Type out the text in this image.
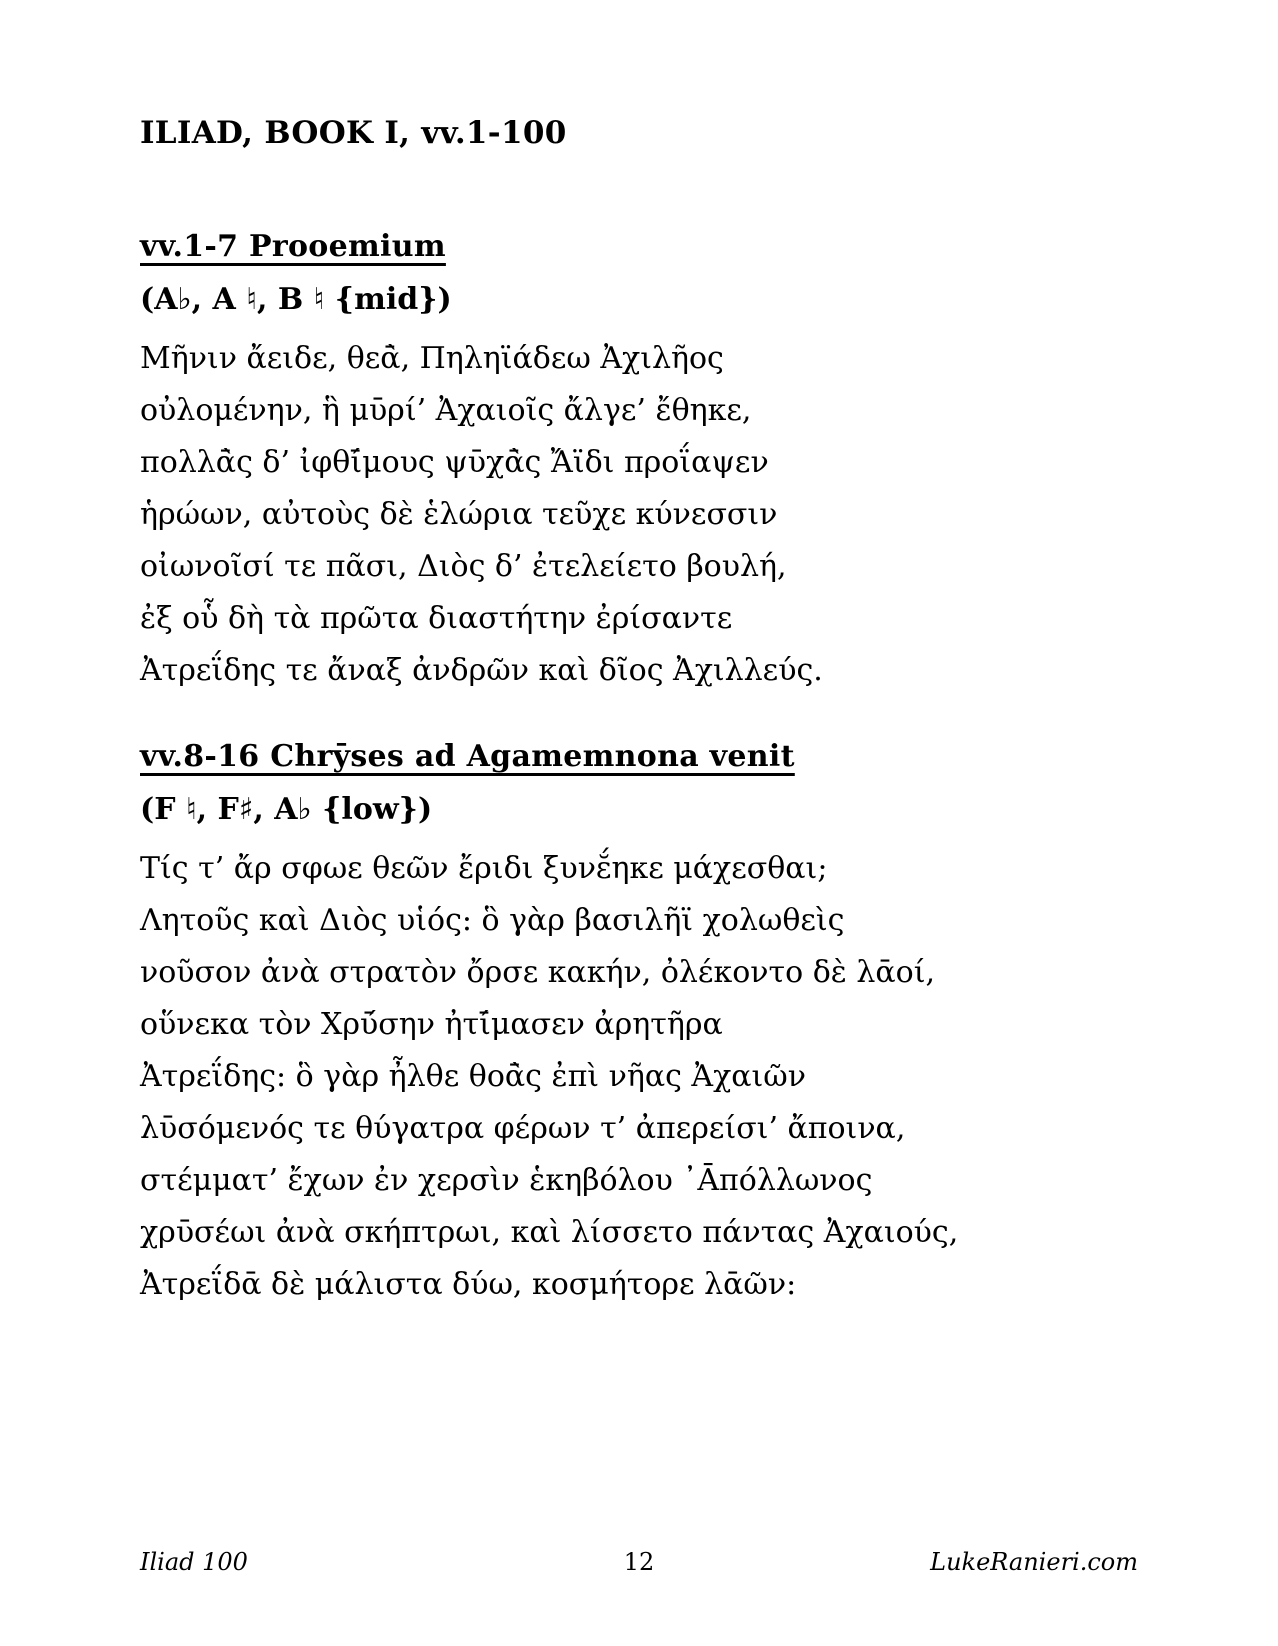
ILIAD, BOOK I, vv.1-100
vv.1-7 Prooemium
(A♭, A ♮, B ♮ {mid})
Μῆνιν ἄειδε, θεᾱ̀, Πηληϊάδεω Ἀχιλῆος
οὐλομένην, ἣ μῡρί’ Ἀχαιοῖς ἄλγε’ ἔθηκε,
πολλᾱ̀ς δ’ ἰφθῑ́μους ψῡχᾱ̀ς Ἄϊδι προΐαψεν
ἡρώων, αὐτοὺς δὲ ἑλώρια τεῦχε κύνεσσιν
οἰωνοῖσί τε πᾶσι, Διὸς δ’ ἐτελείετο βουλή,
ἐξ οὗ δὴ τὰ πρῶτα διαστήτην ἐρίσαντε
Ἀτρεΐδης τε ἄναξ ἀνδρῶν καὶ δῖος Ἀχιλλεύς.
vv.8-16 Chrȳses ad Agamemnona venit
(F ♮, F♯, A♭ {low})
Τίς τ’ ἄρ σφωε θεῶν ἔριδι ξυνε̆́ηκε μάχεσθαι;
Λητοῦς καὶ Διὸς υἱός: ὃ γὰρ βασιλῆϊ χολωθεὶς
νοῦσον ἀνὰ στρατὸν ὄρσε κακήν, ὀλέκοντο δὲ λᾱοί,
οὕνεκα τὸν Χρῡ́σην ἠτῑ́μασεν ἀρητῆρα
Ἀτρεΐδης: ὃ γὰρ ἦλθε θοᾱ̀ς ἐπὶ νῆας Ἀχαιῶν
λῡσόμενός τε θύγατρα φέρων τ’ ἀπερείσι’ ἄποινα,
στέμματ’ ἔχων ἐν χερσὶν ἑκηβόλου ᾿Ᾱπόλλωνος
χρῡσέωι ἀνὰ σκήπτρωι, καὶ λίσσετο πάντας Ἀχαιούς,
Ἀτρεΐδᾱ δὲ μάλιστα δύω, κοσμήτορε λᾱῶν:
Iliad 100	12	LukeRanieri.com
